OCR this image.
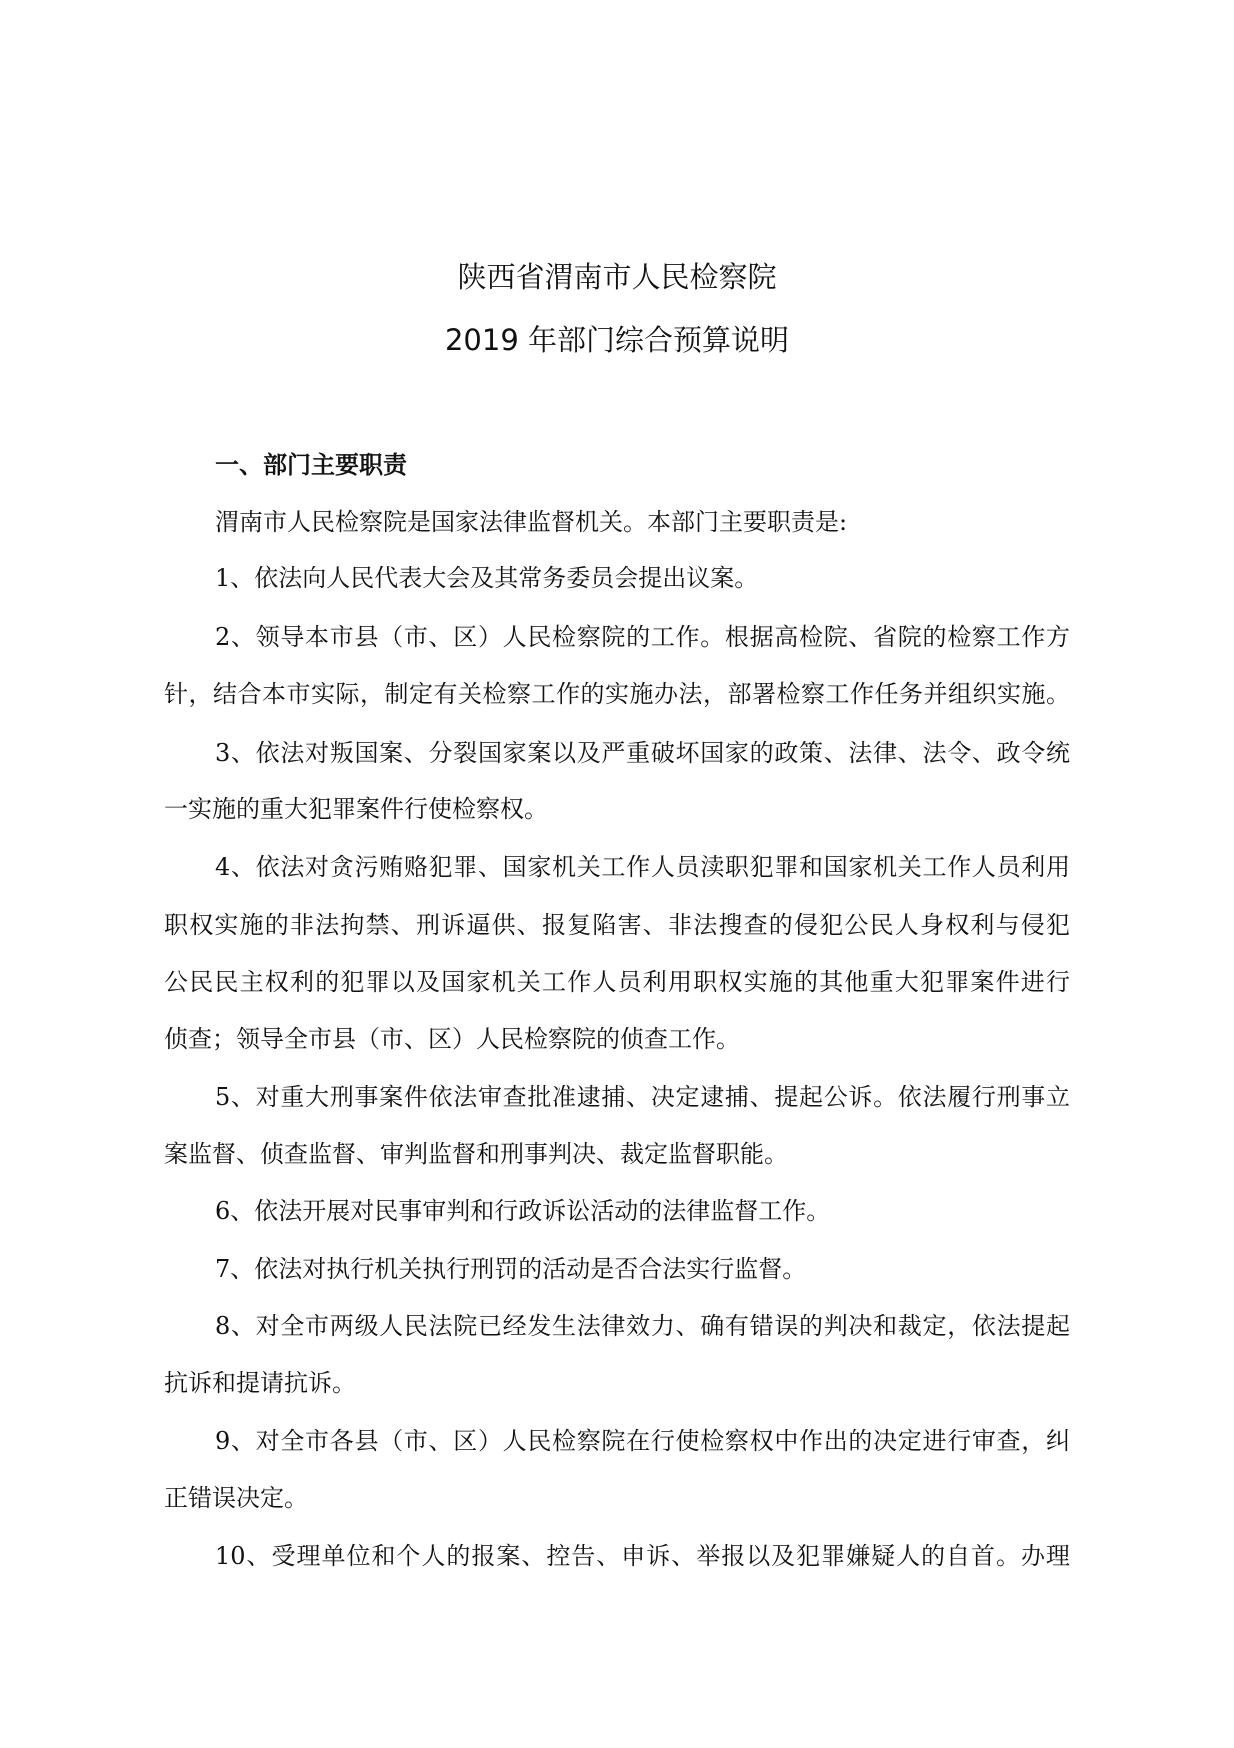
陕西省渭南市人民检察院
2019 年部门综合预算说明
一、部门主要职责
渭南市人民检察院是国家法律监督机关。本部门主要职责是:
1、依法向人民代表大会及其常务委员会提出议案。
2、领导本市县（市、区）人民检察院的工作。根据高检院、省院的检察工作方
针，结合本市实际，制定有关检察工作的实施办法，部署检察工作任务并组织实施。
3、依法对叛国案、分裂国家案以及严重破坏国家的政策、法律、法令、政令统
一实施的重大犯罪案件行使检察权。
4、依法对贪污贿赂犯罪、国家机关工作人员渎职犯罪和国家机关工作人员利用
职权实施的非法拘禁、刑诉逼供、报复陷害、非法搜查的侵犯公民人身权利与侵犯
公民民主权利的犯罪以及国家机关工作人员利用职权实施的其他重大犯罪案件进行
侦查；领导全市县（市、区）人民检察院的侦查工作。
5、对重大刑事案件依法审查批准逮捕、决定逮捕、提起公诉。依法履行刑事立
案监督、侦查监督、审判监督和刑事判决、裁定监督职能。
6、依法开展对民事审判和行政诉讼活动的法律监督工作。
7、依法对执行机关执行刑罚的活动是否合法实行监督。
8、对全市两级人民法院已经发生法律效力、确有错误的判决和裁定，依法提起
抗诉和提请抗诉。
9、对全市各县（市、区）人民检察院在行使检察权中作出的决定进行审查，纠
正错误决定。
10、受理单位和个人的报案、控告、申诉、举报以及犯罪嫌疑人的自首。办理
